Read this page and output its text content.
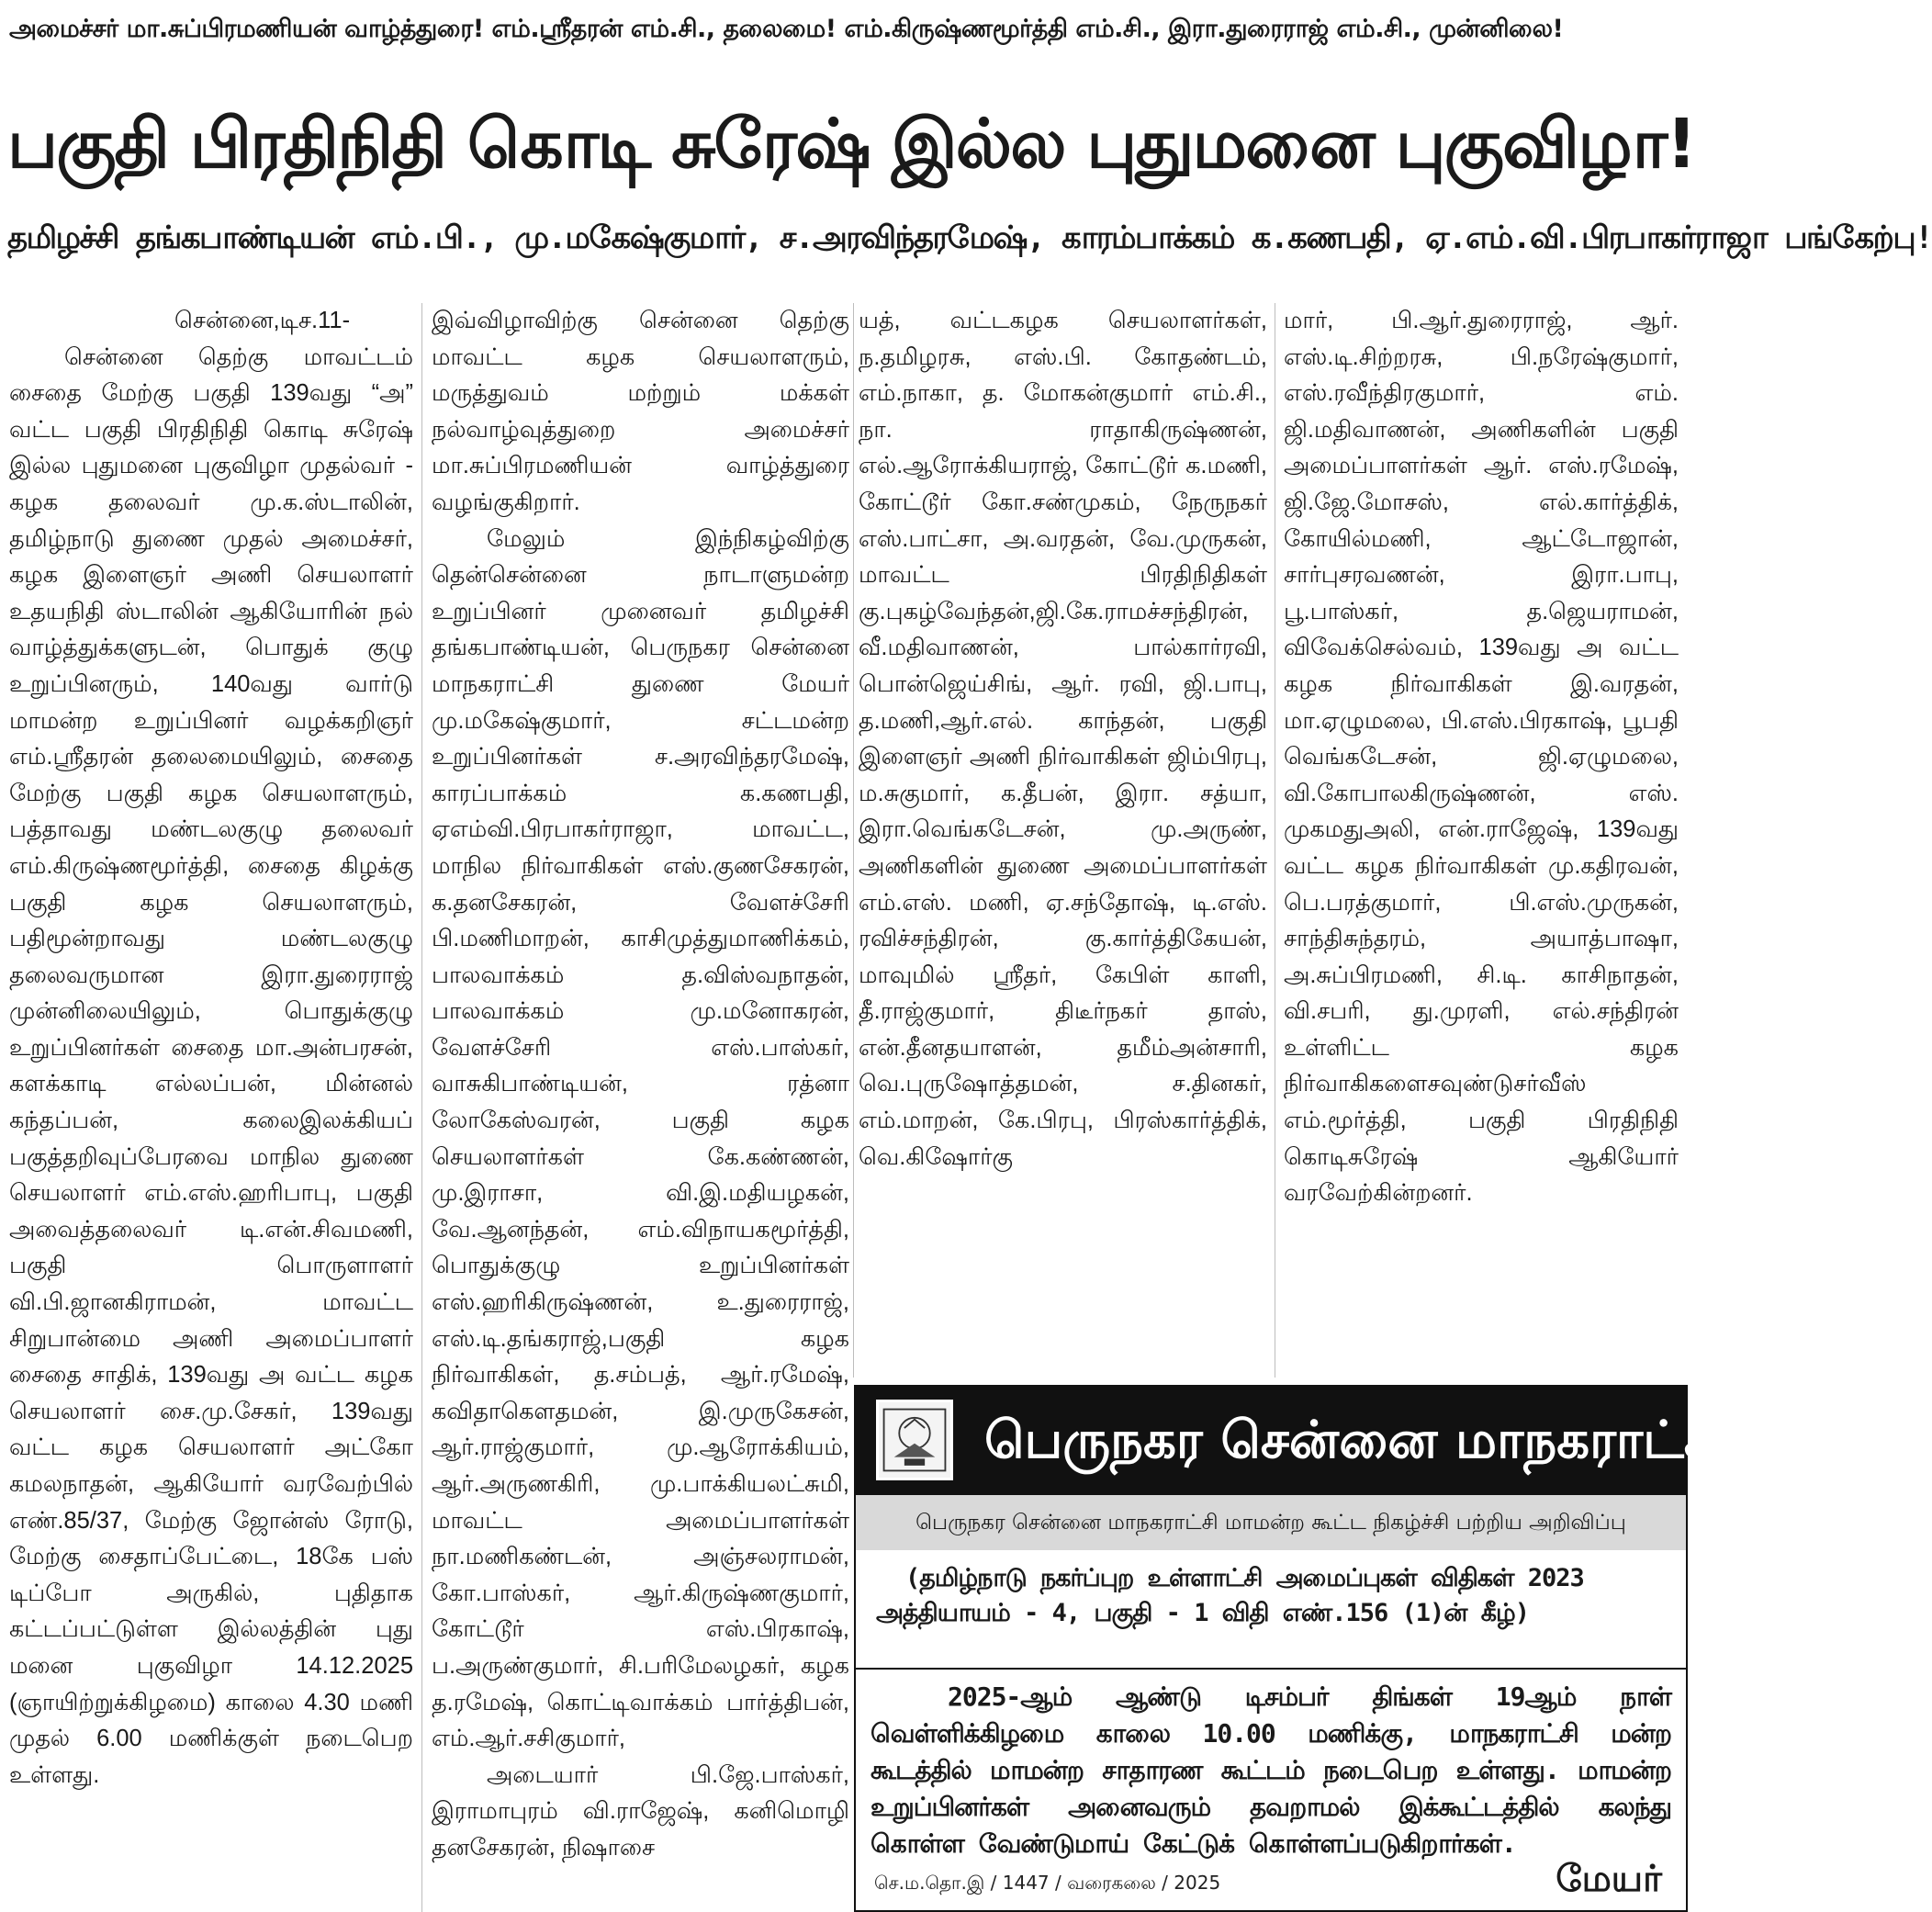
அமைச்சர் மா.சுப்பிரமணியன் வாழ்த்துரை! எம்.ஸ்ரீதரன் எம்.சி., தலைமை! எம்.கிருஷ்ணமூர்த்தி எம்.சி., இரா.துரைராஜ் எம்.சி., முன்னிலை!
பகுதி பிரதிநிதி கொடி சுரேஷ் இல்ல புதுமனை புகுவிழா!
தமிழச்சி தங்கபாண்டியன் எம்.பி., மு.மகேஷ்குமார், ச.அரவிந்தரமேஷ், காரம்பாக்கம் க.கணபதி, ஏ.எம்.வி.பிரபாகர்ராஜா பங்கேற்பு!

சென்னை,டிச.11-

சென்னை தெற்கு மாவட்டம் சைதை மேற்கு பகுதி 139வது “அ” வட்ட பகுதி பிரதிநிதி கொடி சுரேஷ் இல்ல புதுமனை புகுவிழா முதல்வர் - கழக தலைவர் மு.க.ஸ்டாலின், தமிழ்நாடு துணை முதல் அமைச்சர், கழக இளைஞர் அணி செயலாளர் உதயநிதி ஸ்டாலின் ஆகியோரின் நல் வாழ்த்துக்களுடன், பொதுக் குழு உறுப்பினரும், 140வது வார்டு மாமன்ற உறுப்பினர் வழக்கறிஞர் எம்.ஸ்ரீதரன் தலைமையிலும், சைதை மேற்கு பகுதி கழக செயலாளரும், பத்தாவது மண்டலகுழு தலைவர் எம்.கிருஷ்ணமூர்த்தி, சைதை கிழக்கு பகுதி கழக செயலாளரும், பதிமூன்றாவது மண்டலகுழு தலைவருமான இரா.துரைராஜ் முன்னிலையிலும், பொதுக்குழு உறுப்பினர்கள் சைதை மா.அன்பரசன், களக்காடி எல்லப்பன், மின்னல் கந்தப்பன், கலைஇலக்கியப் பகுத்தறிவுப்பேரவை மாநில துணை செயலாளர் எம்.எஸ்.ஹரிபாபு, பகுதி அவைத்தலைவர் டி.என்.சிவமணி, பகுதி பொருளாளர் வி.பி.ஜானகிராமன், மாவட்ட சிறுபான்மை அணி அமைப்பாளர் சைதை சாதிக், 139வது அ வட்ட கழக செயலாளர் சை.மு.சேகர், 139வது வட்ட கழக செயலாளர் அட்கோ கமலநாதன், ஆகியோர் வரவேற்பில் எண்.85/37, மேற்கு ஜோன்ஸ் ரோடு, மேற்கு சைதாப்பேட்டை, 18கே பஸ் டிப்போ அருகில், புதிதாக கட்டப்பட்டுள்ள இல்லத்தின் புது மனை புகுவிழா 14.12.2025 (ஞாயிற்றுக்கிழமை) காலை 4.30 மணி முதல் 6.00 மணிக்குள் நடைபெற உள்ளது.

இவ்விழாவிற்கு சென்னை தெற்கு மாவட்ட கழக செயலாளரும், மருத்துவம் மற்றும் மக்கள் நல்வாழ்வுத்துறை அமைச்சர் மா.சுப்பிரமணியன் வாழ்த்துரை வழங்குகிறார்.

மேலும் இந்நிகழ்விற்கு தென்சென்னை நாடாளுமன்ற உறுப்பினர் முனைவர் தமிழச்சி தங்கபாண்டியன், பெருநகர சென்னை மாநகராட்சி துணை மேயர் மு.மகேஷ்குமார், சட்டமன்ற உறுப்பினர்கள் ச.அரவிந்தரமேஷ், காரப்பாக்கம் க.கணபதி, ஏஎம்வி.பிரபாகர்ராஜா, மாவட்ட, மாநில நிர்வாகிகள் எஸ்.குணசேகரன், க.தனசேகரன், வேளச்சேரி பி.மணிமாறன், காசிமுத்துமாணிக்கம், பாலவாக்கம் த.விஸ்வநாதன், பாலவாக்கம் மு.மனோகரன், வேளச்சேரி எஸ்.பாஸ்கர், வாசுகிபாண்டியன், ரத்னா லோகேஸ்வரன், பகுதி கழக செயலாளர்கள் கே.கண்ணன், மு.இராசா, வி.இ.மதியழகன், வே.ஆனந்தன், எம்.விநாயகமூர்த்தி, பொதுக்குழு உறுப்பினர்கள் எஸ்.ஹரிகிருஷ்ணன், உ.துரைராஜ், எஸ்.டி.தங்கராஜ்,பகுதி கழக நிர்வாகிகள், த.சம்பத், ஆர்.ரமேஷ், கவிதாகௌதமன், இ.முருகேசன், ஆர்.ராஜ்குமார், மு.ஆரோக்கியம், ஆர்.அருணகிரி, மு.பாக்கியலட்சுமி, மாவட்ட அமைப்பாளர்கள் நா.மணிகண்டன், அஞ்சலராமன், கோ.பாஸ்கர், ஆர்.கிருஷ்ணகுமார், கோட்டூர் எஸ்.பிரகாஷ், ப.அருண்குமார், சி.பரிமேலழகர், கழக த.ரமேஷ், கொட்டிவாக்கம் பார்த்திபன், எம்.ஆர்.சசிகுமார்,

அடையார் பி.ஜே.பாஸ்கர், இராமாபுரம் வி.ராஜேஷ், கனிமொழி தனசேகரன், நிஷாசை

யத், வட்டகழக செயலாளர்கள், ந.தமிழரசு, எஸ்.பி. கோதண்டம், எம்.நாகா, த. மோகன்குமார் எம்.சி., நா. ராதாகிருஷ்ணன், எல்.ஆரோக்கியராஜ், கோட்டூர் க.மணி, கோட்டூர் கோ.சண்முகம், நேருநகர் எஸ்.பாட்சா, அ.வரதன், வே.முருகன், மாவட்ட பிரதிநிதிகள் கு.புகழ்வேந்தன்,ஜி.கே.ராமச்சந்திரன், வீ.மதிவாணன், பால்கார்ரவி, பொன்ஜெய்சிங், ஆர். ரவி, ஜி.பாபு, த.மணி,ஆர்.எல். காந்தன், பகுதி இளைஞர் அணி நிர்வாகிகள் ஜிம்பிரபு, ம.சுகுமார், க.தீபன், இரா. சத்யா, இரா.வெங்கடேசன், மு.அருண், அணிகளின் துணை அமைப்பாளர்கள் எம்.எஸ். மணி, ஏ.சந்தோஷ், டி.எஸ். ரவிச்சந்திரன், கு.கார்த்திகேயன், மாவுமில் ஸ்ரீதர், கேபிள் காளி, தீ.ராஜ்குமார், திடீர்நகர் தாஸ், என்.தீனதயாளன், தமீம்அன்சாரி, வெ.புருஷோத்தமன், ச.தினகர், எம்.மாறன், கே.பிரபு, பிரஸ்கார்த்திக், வெ.கிஷோர்கு

மார், பி.ஆர்.துரைராஜ், ஆர். எஸ்.டி.சிற்றரசு, பி.நரேஷ்குமார், எஸ்.ரவீந்திரகுமார், எம். ஜி.மதிவாணன், அணிகளின் பகுதி அமைப்பாளர்கள் ஆர். எஸ்.ரமேஷ், ஜி.ஜே.மோசஸ், எல்.கார்த்திக், கோயில்மணி, ஆட்டோஜான், சார்புசரவணன், இரா.பாபு, பூ.பாஸ்கர், த.ஜெயராமன், விவேக்செல்வம், 139வது அ வட்ட கழக நிர்வாகிகள் இ.வரதன், மா.ஏழுமலை, பி.எஸ்.பிரகாஷ், பூபதி வெங்கடேசன், ஜி.ஏழுமலை, வி.கோபாலகிருஷ்ணன், எஸ். முகமதுஅலி, என்.ராஜேஷ், 139வது வட்ட கழக நிர்வாகிகள் மு.கதிரவன், பெ.பரத்குமார், பி.எஸ்.முருகன், சாந்திசுந்தரம், அயாத்பாஷா, அ.சுப்பிரமணி, சி.டி. காசிநாதன், வி.சபரி, து.முரளி, எல்.சந்திரன் உள்ளிட்ட கழக நிர்வாகிகளைசவுண்டுசர்வீஸ் எம்.மூர்த்தி, பகுதி பிரதிநிதி கொடிசுரேஷ் ஆகியோர் வரவேற்கின்றனர்.

பெருநகர சென்னை மாநகராட்சி
பெருநகர சென்னை மாநகராட்சி மாமன்ற கூட்ட நிகழ்ச்சி பற்றிய அறிவிப்பு
(தமிழ்நாடு நகர்ப்புற உள்ளாட்சி அமைப்புகள் விதிகள் 2023
அத்தியாயம் - 4, பகுதி - 1 விதி எண்.156 (1)ன் கீழ்)
2025-ஆம் ஆண்டு டிசம்பர் திங்கள் 19ஆம் நாள் வெள்ளிக்கிழமை காலை 10.00 மணிக்கு, மாநகராட்சி மன்ற கூடத்தில் மாமன்ற சாதாரண கூட்டம் நடைபெற உள்ளது. மாமன்ற உறுப்பினர்கள் அனைவரும் தவறாமல் இக்கூட்டத்தில் கலந்து கொள்ள வேண்டுமாய் கேட்டுக் கொள்ளப்படுகிறார்கள்.
செ.ம.தொ.இ / 1447 / வரைகலை / 2025	மேயர்
